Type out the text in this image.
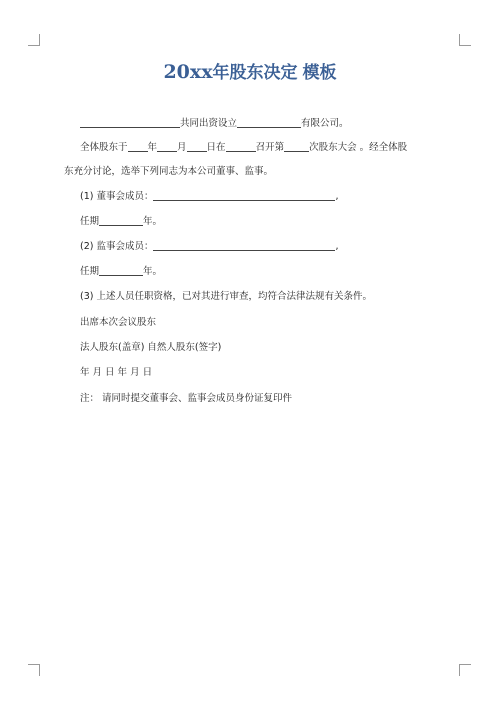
20xx年股东决定 模板
共同出资设立	有限公司。
全体股东于 年 月 日在	召开第	次股东大会 。经全体股
东充分讨论，选举下列同志为本公司董事、监事。
(1) 董事会成员：	,
任期	年。
(2) 监事会成员：	,
任期	年。
(3) 上述人员任职资格，已对其进行审查，均符合法律法规有关条件。
出席本次会议股东
法人股东(盖章) 自然人股东(签字)
年 月 日 年 月 日
注： 请同时提交董事会、监事会成员身份证复印件
